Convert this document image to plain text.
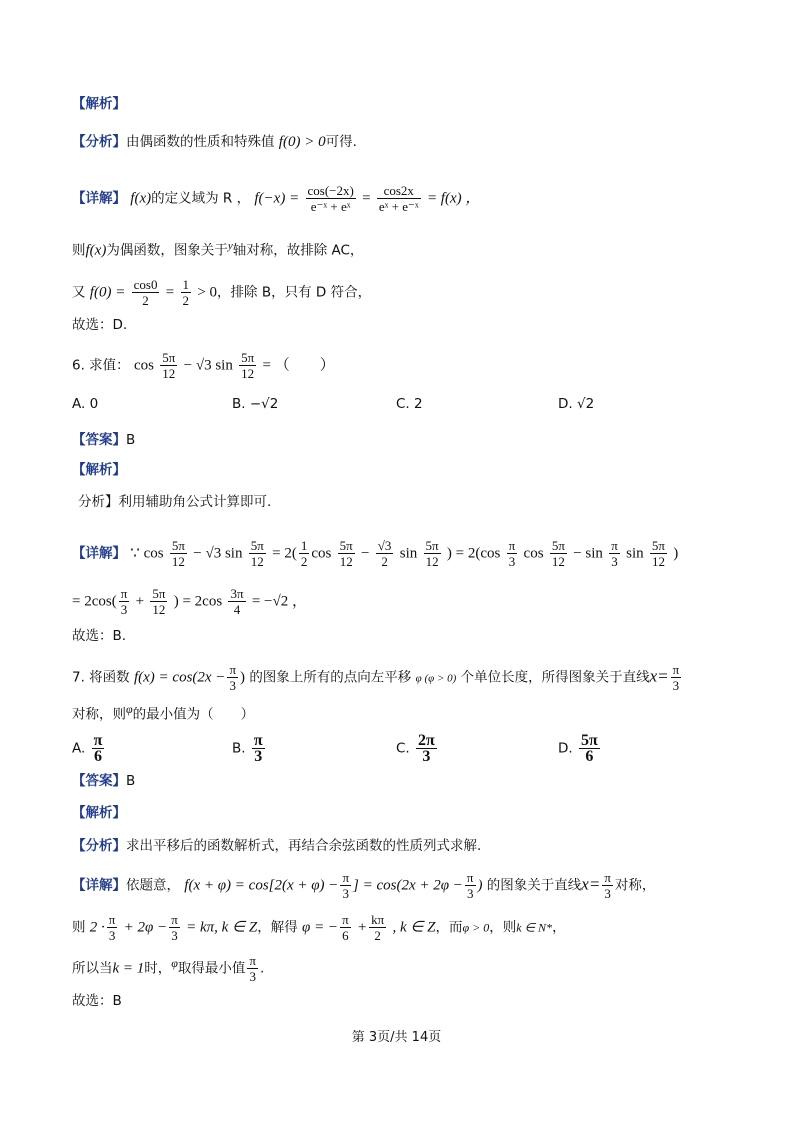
【解析】
【分析】由偶函数的性质和特殊值 f(0) > 0可得.
【详解】 f(x)的定义域为 R ， $f(-x) = \frac{\cos(-2x)}{\text{e⁻ˣ + eˣ}} = \frac{\cos 2x}{\text{eˣ + e⁻ˣ}} = f(x)$ ，
则f(x)为偶函数，图象关于$^y$轴对称，故排除 AC，
又 $f(0) = \frac{\cos 0}{2} = \frac{1}{2} > 0$，排除 B，只有 D 符合，
故选：D.
6. 求值： $\cos \frac{5\pi}{12} - √3$ $\sin \frac{5\pi}{12}$ = （　　）
A. 0	B. −√2	C. 2	D. √2
【答案】B
【解析】
分析】利用辅助角公式计算即可.
【详解】 ∵ $\cos \frac{5\pi}{12} - √3$ $\sin \frac{5\pi}{12} = 2( \frac{1}{2}$ $\cos \frac{5\pi}{12} - \frac{√3}{2}$ $\sin \frac{5\pi}{12}$ ) = $2(\cos \frac{\pi}{3}$ $\cos \frac{5\pi}{12} - \sin \frac{\pi}{3}$ $\sin \frac{5\pi}{12}$ )
= $2\cos( \frac{\pi}{3} + \frac{5\pi}{12}$ ) = $2\cos \frac{3\pi}{4} = -√2$ ，
故选：B.
7. 将函数 $f(x) = \cos(2x - \frac{\pi}{3}$ ) 的图象上所有的点向左平移 φ (φ > 0) 个单位长度，所得图象关于直线$x= \frac{\pi}{3}$
对称，则φ的最小值为（　　）
A. $\frac{\pi}{6}$	B. $\frac{\pi}{3}$	C. $\frac{2\pi}{3}$	D. $\frac{5\pi}{6}$
【答案】B
【解析】
【分析】求出平移后的函数解析式，再结合余弦函数的性质列式求解.
【详解】依题意， $f(x + \varphi) = \cos[2(x + \varphi) - \frac{\pi}{3}$ ] = $\cos(2x + 2\varphi - \frac{\pi}{3}$ ) 的图象关于直线$x= \frac{\pi}{3}$ 对称，
则 $2 \cdot \frac{\pi}{3} + 2\varphi - \frac{\pi}{3} = k\pi$, k ∈ Z，解得 φ = − $\frac{\pi}{6} + \frac{k\pi}{2}$ , k ∈ Z，而φ > 0，则k ∈ N*，
所以当k = 1时，φ取得最小值 $\frac{\pi}{3}$ .
故选：B
第 3页/共 14页
